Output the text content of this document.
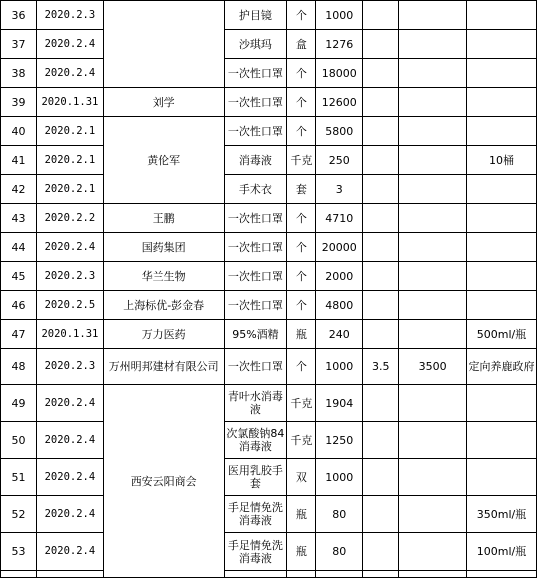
36	2020.2.3		护目镜	个	1000			
37	2020.2.4		沙琪玛	盒	1276			
38	2020.2.4		一次性口罩	个	18000			
39	2020.1.31	刘学	一次性口罩	个	12600			
40	2020.2.1	黄伦军	一次性口罩	个	5800			
41	2020.2.1		消毒液	千克	250			10桶
42	2020.2.1		手术衣	套	3			
43	2020.2.2	王鹏	一次性口罩	个	4710			
44	2020.2.4	国药集团	一次性口罩	个	20000			
45	2020.2.3	华兰生物	一次性口罩	个	2000			
46	2020.2.5	上海标优-彭金春	一次性口罩	个	4800			
47	2020.1.31	万力医药	95%酒精	瓶	240			500ml/瓶
48	2020.2.3	万州明邦建材有限公司	一次性口罩	个	1000	3.5	3500	定向养鹿政府
49	2020.2.4	西安云阳商会	青叶水消毒液	千克	1904			
50	2020.2.4		次氯酸钠84消毒液	千克	1250			
51	2020.2.4		医用乳胶手套	双	1000			
52	2020.2.4		手足情免洗消毒液	瓶	80			350ml/瓶
53	2020.2.4		手足情免洗消毒液	瓶	80			100ml/瓶
